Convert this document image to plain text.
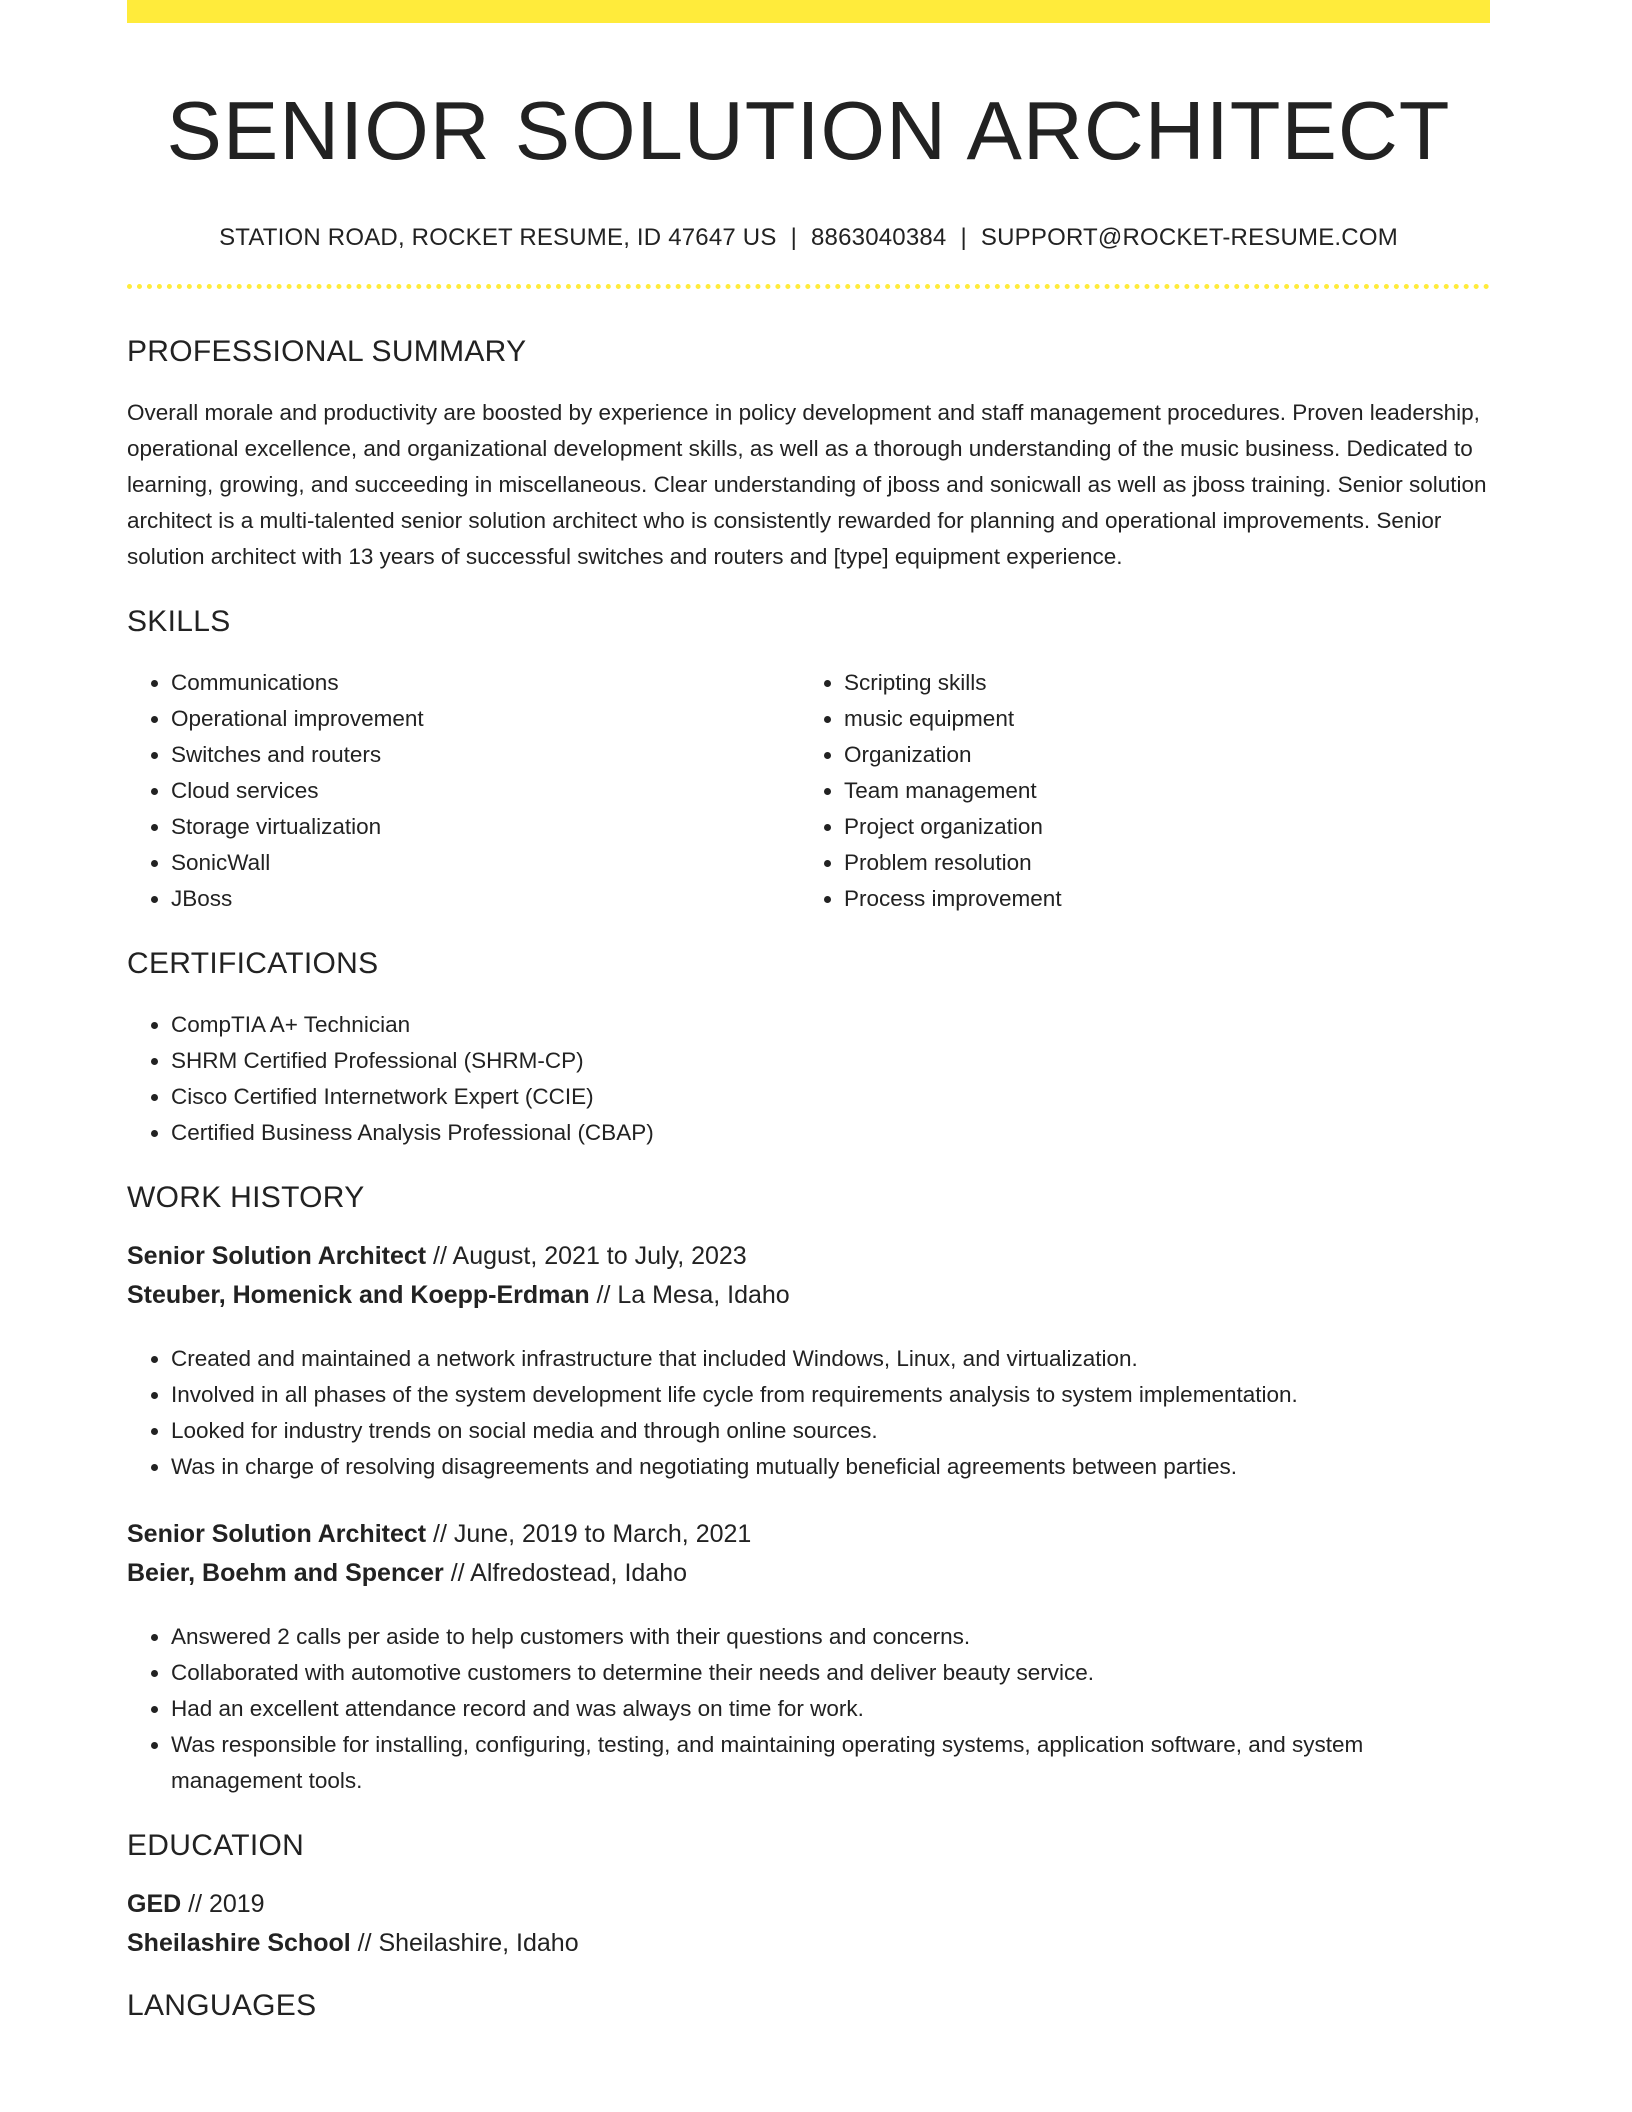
SENIOR SOLUTION ARCHITECT
STATION ROAD, ROCKET RESUME, ID 47647 US | 8863040384 | SUPPORT@ROCKET-RESUME.COM
PROFESSIONAL SUMMARY
Overall morale and productivity are boosted by experience in policy development and staff management procedures. Proven leadership, operational excellence, and organizational development skills, as well as a thorough understanding of the music business. Dedicated to learning, growing, and succeeding in miscellaneous. Clear understanding of jboss and sonicwall as well as jboss training. Senior solution architect is a multi-talented senior solution architect who is consistently rewarded for planning and operational improvements. Senior solution architect with 13 years of successful switches and routers and [type] equipment experience.
SKILLS
• Communications
• Operational improvement
• Switches and routers
• Cloud services
• Storage virtualization
• SonicWall
• JBoss
• Scripting skills
• music equipment
• Organization
• Team management
• Project organization
• Problem resolution
• Process improvement
CERTIFICATIONS
• CompTIA A+ Technician
• SHRM Certified Professional (SHRM-CP)
• Cisco Certified Internetwork Expert (CCIE)
• Certified Business Analysis Professional (CBAP)
WORK HISTORY
Senior Solution Architect // August, 2021 to July, 2023
Steuber, Homenick and Koepp-Erdman // La Mesa, Idaho
• Created and maintained a network infrastructure that included Windows, Linux, and virtualization.
• Involved in all phases of the system development life cycle from requirements analysis to system implementation.
• Looked for industry trends on social media and through online sources.
• Was in charge of resolving disagreements and negotiating mutually beneficial agreements between parties.
Senior Solution Architect // June, 2019 to March, 2021
Beier, Boehm and Spencer // Alfredostead, Idaho
• Answered 2 calls per aside to help customers with their questions and concerns.
• Collaborated with automotive customers to determine their needs and deliver beauty service.
• Had an excellent attendance record and was always on time for work.
• Was responsible for installing, configuring, testing, and maintaining operating systems, application software, and system management tools.
EDUCATION
GED // 2019
Sheilashire School // Sheilashire, Idaho
LANGUAGES
